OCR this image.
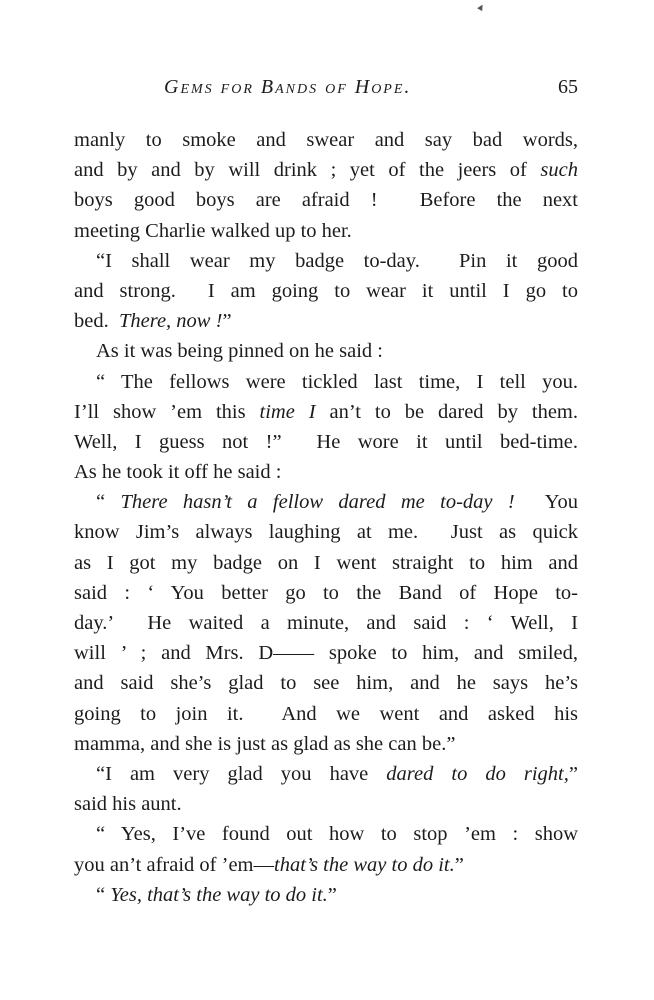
Gems for Bands of Hope.	65
▲
manly to smoke and swear and say bad words,
and by and by will drink ; yet of the jeers of such
boys good boys are afraid !  Before the next
meeting Charlie walked up to her.
“I shall wear my badge to-day.  Pin it good
and strong.  I am going to wear it until I go to
bed.  There, now !”
As it was being pinned on he said :
“ The fellows were tickled last time, I tell you.
I’ll show ’em this time I an’t to be dared by them.
Well, I guess not !”  He wore it until bed-time.
As he took it off he said :
“ There hasn’t a fellow dared me to-day !  You
know Jim’s always laughing at me.  Just as quick
as I got my badge on I went straight to him and
said : ‘ You better go to the Band of Hope to-
day.’  He waited a minute, and said : ‘ Well, I
will ’ ; and Mrs. D—— spoke to him, and smiled,
and said she’s glad to see him, and he says he’s
going to join it.  And we went and asked his
mamma, and she is just as glad as she can be.”
“I am very glad you have dared to do right,”
said his aunt.
“ Yes, I’ve found out how to stop ’em : show
you an’t afraid of ’em—that’s the way to do it.”
“ Yes, that’s the way to do it.”
